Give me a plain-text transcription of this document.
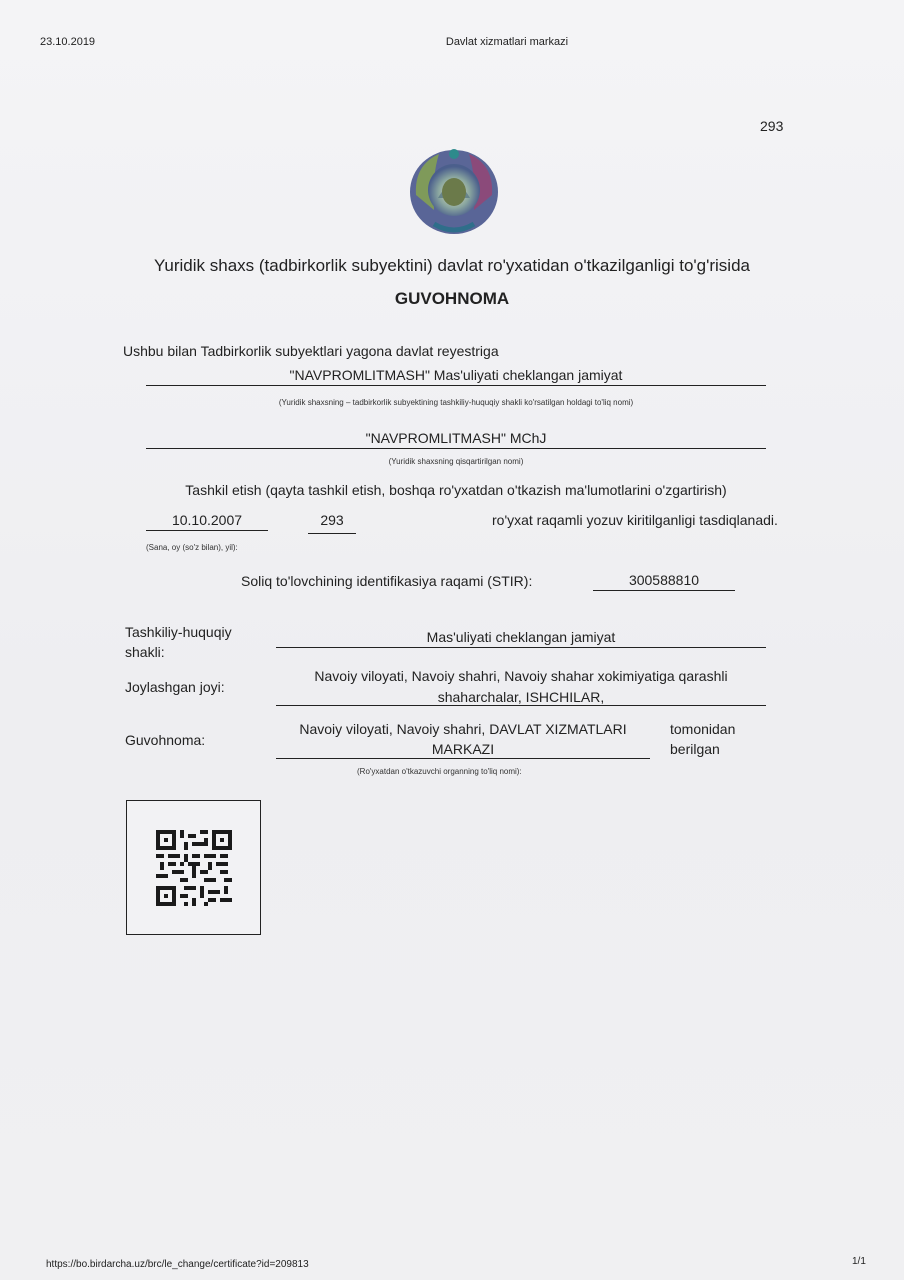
23.10.2019	Davlat xizmatlari markazi
293
Yuridik shaxs (tadbirkorlik subyektini) davlat ro'yxatidan o'tkazilganligi to'g'risida
GUVOHNOMA
Ushbu bilan Tadbirkorlik subyektlari yagona davlat reyestriga
"NAVPROMLITMASH" Mas'uliyati cheklangan jamiyat
(Yuridik shaxsning – tadbirkorlik subyektining tashkiliy-huquqiy shakli ko'rsatilgan holdagi to'liq nomi)
"NAVPROMLITMASH" MChJ
(Yuridik shaxsning qisqartirilgan nomi)
Tashkil etish (qayta tashkil etish, boshqa ro'yxatdan o'tkazish ma'lumotlarini o'zgartirish)
10.10.2007	293	ro'yxat raqamli yozuv kiritilganligi tasdiqlanadi.
(Sana, oy (so'z bilan), yil):
Soliq to'lovchining identifikasiya raqami (STIR):	300588810
Tashkiliy-huquqiy
shakli:
Mas'uliyati cheklangan jamiyat
Joylashgan joyi:
Navoiy viloyati, Navoiy shahri, Navoiy shahar xokimiyatiga qarashli
shaharchalar, ISHCHILAR,
Guvohnoma:
Navoiy viloyati, Navoiy shahri, DAVLAT XIZMATLARI
MARKAZI
tomonidan
berilgan
(Ro'yxatdan o'tkazuvchi organning to'liq nomi):
https://bo.birdarcha.uz/brc/le_change/certificate?id=209813	1/1
